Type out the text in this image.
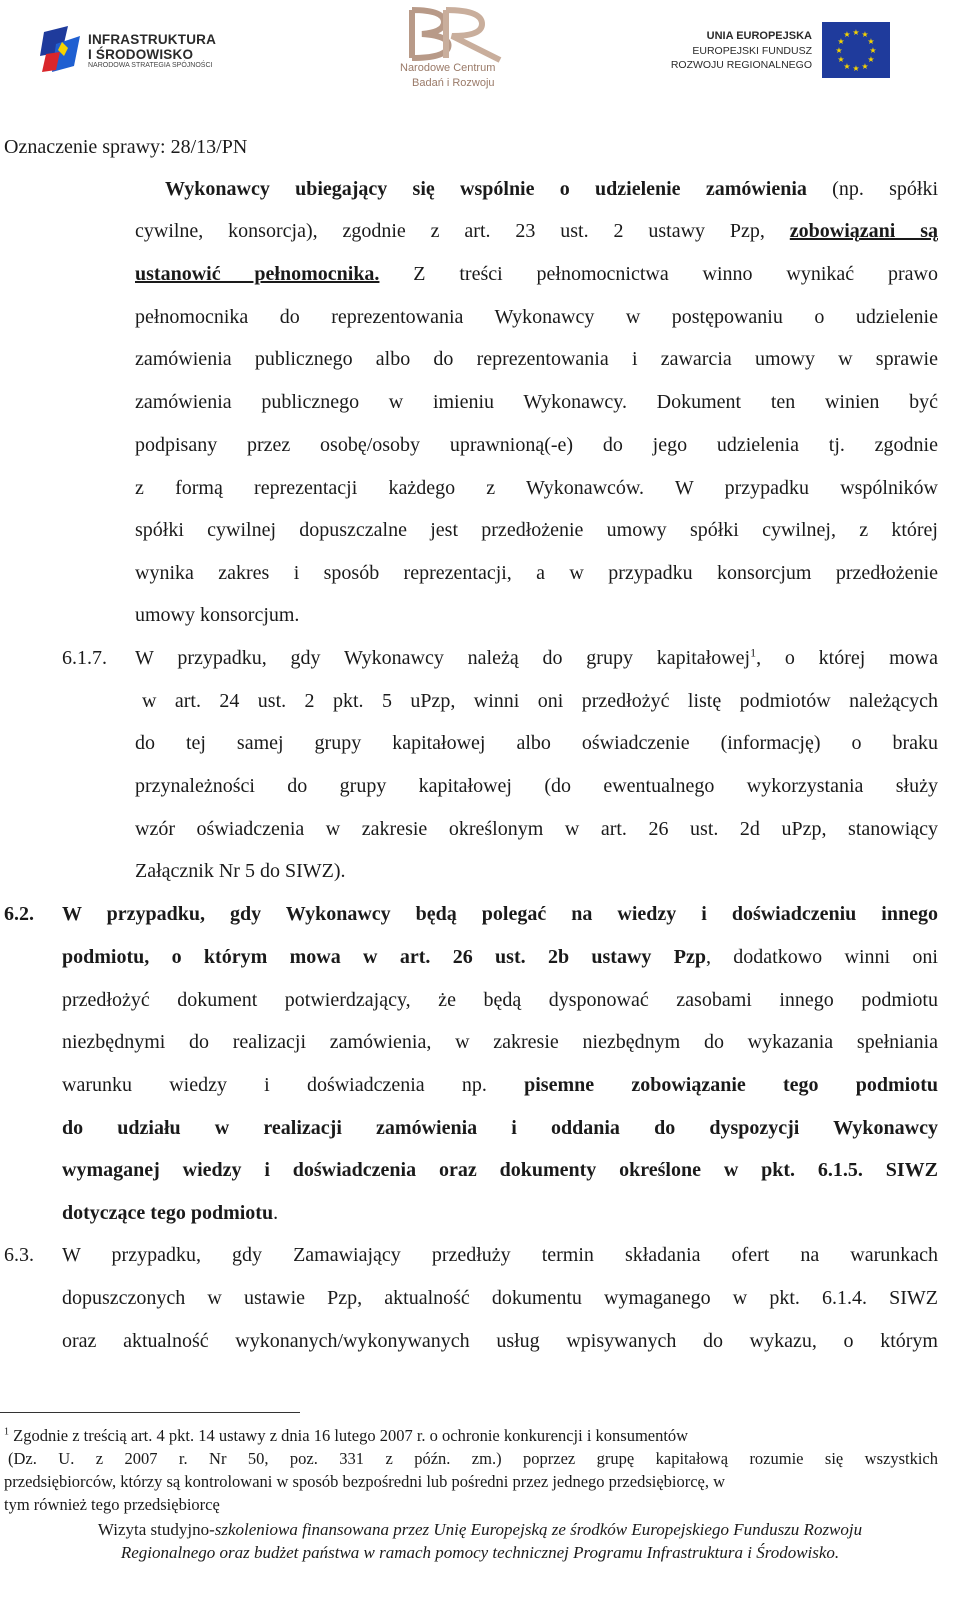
INFRASTRUKTURA
I ŚRODOWISKO
NARODOWA STRATEGIA SPÓJNOŚCI	Narodowe Centrum
Badań i Rozwoju
UNIA EUROPEJSKA
EUROPEJSKI FUNDUSZ
ROZWOJU REGIONALNEGO
★ ★
★
★
★
★
★
★
★
★
★
★
Oznaczenie sprawy: 28/13/PN
Wykonawcy ubiegający się wspólnie o udzielenie zamówienia (np. spółki
cywilne, konsorcja), zgodnie z art. 23 ust. 2 ustawy Pzp, zobowiązani są
ustanowić pełnomocnika. Z treści pełnomocnictwa winno wynikać prawo
pełnomocnika do reprezentowania Wykonawcy w postępowaniu o udzielenie
zamówienia publicznego albo do reprezentowania i zawarcia umowy w sprawie
zamówienia publicznego w imieniu Wykonawcy. Dokument ten winien być
podpisany przez osobę/osoby uprawnioną(-e) do jego udzielenia tj. zgodnie
z formą reprezentacji każdego z Wykonawców. W przypadku wspólników
spółki cywilnej dopuszczalne jest przedłożenie umowy spółki cywilnej, z której
wynika zakres i sposób reprezentacji, a w przypadku konsorcjum przedłożenie
umowy konsorcjum.
6.1.7. W przypadku, gdy Wykonawcy należą do grupy kapitałowej$^1$, o której mowa
w art. 24 ust. 2 pkt. 5 uPzp, winni oni przedłożyć listę podmiotów należących
do tej samej grupy kapitałowej albo oświadczenie (informację) o braku
przynależności do grupy kapitałowej (do ewentualnego wykorzystania służy
wzór oświadczenia w zakresie określonym w art. 26 ust. 2d uPzp, stanowiący
Załącznik Nr 5 do SIWZ).
6.2. W przypadku, gdy Wykonawcy będą polegać na wiedzy i doświadczeniu innego
podmiotu, o którym mowa w art. 26 ust. 2b ustawy Pzp, dodatkowo winni oni
przedłożyć dokument potwierdzający, że będą dysponować zasobami innego podmiotu
niezbędnymi do realizacji zamówienia, w zakresie niezbędnym do wykazania spełniania
warunku wiedzy i doświadczenia np. pisemne zobowiązanie tego podmiotu
do udziału w realizacji zamówienia i oddania do dyspozycji Wykonawcy
wymaganej wiedzy i doświadczenia oraz dokumenty określone w pkt. 6.1.5. SIWZ
dotyczące tego podmiotu.
6.3. W przypadku, gdy Zamawiający przedłuży termin składania ofert na warunkach
dopuszczonych w ustawie Pzp, aktualność dokumentu wymaganego w pkt. 6.1.4. SIWZ
oraz aktualność wykonanych/wykonywanych usług wpisywanych do wykazu, o którym
$^1$ Zgodnie z treścią art. 4 pkt. 14 ustawy z dnia 16 lutego 2007 r. o ochronie konkurencji i konsumentów
(Dz. U. z 2007 r. Nr 50, poz. 331 z późn. zm.) poprzez grupę kapitałową rozumie się wszystkich
przedsiębiorców, którzy są kontrolowani w sposób bezpośredni lub pośredni przez jednego przedsiębiorcę, w
tym również tego przedsiębiorcę
Wizyta studyjno-szkoleniowa finansowana przez Unię Europejską ze środków Europejskiego Funduszu Rozwoju
Regionalnego oraz budżet państwa w ramach pomocy technicznej Programu Infrastruktura i Środowisko.
